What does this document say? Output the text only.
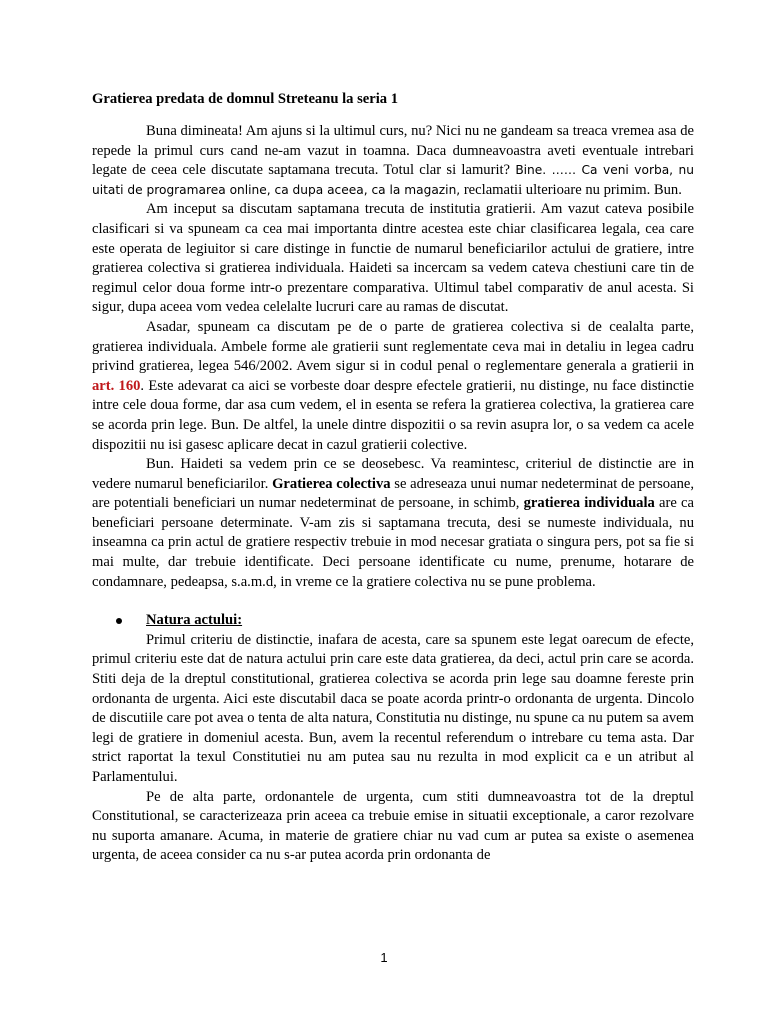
Gratierea predata de domnul Streteanu la seria 1

Buna dimineata! Am ajuns si la ultimul curs, nu? Nici nu ne gandeam sa treaca vremea asa de repede la primul curs cand ne-am vazut in toamna. Daca dumneavoastra aveti eventuale intrebari legate de ceea cele discutate saptamana trecuta. Totul clar si lamurit? Bine. …… Ca veni vorba, nu uitati de programarea online, ca dupa aceea, ca la magazin, reclamatii ulterioare nu primim. Bun.

Am inceput sa discutam saptamana trecuta de institutia gratierii. Am vazut cateva posibile clasificari si va spuneam ca cea mai importanta dintre acestea este chiar clasificarea legala, cea care este operata de legiuitor si care distinge in functie de numarul beneficiarilor actului de gratiere, intre gratierea colectiva si gratierea individuala. Haideti sa incercam sa vedem cateva chestiuni care tin de regimul celor doua forme intr-o prezentare comparativa. Ultimul tabel comparativ de anul acesta. Si sigur, dupa aceea vom vedea celelalte lucruri care au ramas de discutat.

Asadar, spuneam ca discutam pe de o parte de gratierea colectiva si de cealalta parte, gratierea individuala. Ambele forme ale gratierii sunt reglementate ceva mai in detaliu in legea cadru privind gratierea, legea 546/2002. Avem sigur si in codul penal o reglementare generala a gratierii in art. 160. Este adevarat ca aici se vorbeste doar despre efectele gratierii, nu distinge, nu face distinctie intre cele doua forme, dar asa cum vedem, el in esenta se refera la gratierea colectiva, la gratierea care se acorda prin lege. Bun. De altfel, la unele dintre dispozitii o sa revin asupra lor, o sa vedem ca acele dispozitii nu isi gasesc aplicare decat in cazul gratierii colective.

Bun. Haideti sa vedem prin ce se deosebesc. Va reamintesc, criteriul de distinctie are in vedere numarul beneficiarilor. Gratierea colectiva se adreseaza unui numar nedeterminat de persoane, are potentiali beneficiari un numar nedeterminat de persoane, in schimb, gratierea individuala are ca beneficiari persoane determinate. V-am zis si saptamana trecuta, desi se numeste individuala, nu inseamna ca prin actul de gratiere respectiv trebuie in mod necesar gratiata o singura pers, pot sa fie si mai multe, dar trebuie identificate. Deci persoane identificate cu nume, prenume, hotarare de condamnare, pedeapsa, s.a.m.d, in vreme ce la gratiere colectiva nu se pune problema.

Natura actului:

Primul criteriu de distinctie, inafara de acesta, care sa spunem este legat oarecum de efecte, primul criteriu este dat de natura actului prin care este data gratierea, da deci, actul prin care se acorda. Stiti deja de la dreptul constitutional, gratierea colectiva se acorda prin lege sau doamne fereste prin ordonanta de urgenta. Aici este discutabil daca se poate acorda printr-o ordonanta de urgenta. Dincolo de discutiile care pot avea o tenta de alta natura, Constitutia nu distinge, nu spune ca nu putem sa avem legi de gratiere in domeniul acesta. Bun, avem la recentul referendum o intrebare cu tema asta. Dar strict raportat la texul Constitutiei nu am putea sau nu rezulta in mod explicit ca e un atribut al Parlamentului.

Pe de alta parte, ordonantele de urgenta, cum stiti dumneavoastra tot de la dreptul Constitutional, se caracterizeaza prin aceea ca trebuie emise in situatii exceptionale, a caror rezolvare nu suporta amanare. Acuma, in materie de gratiere chiar nu vad cum ar putea sa existe o asemenea urgenta, de aceea consider ca nu s-ar putea acorda prin ordonanta de

1
